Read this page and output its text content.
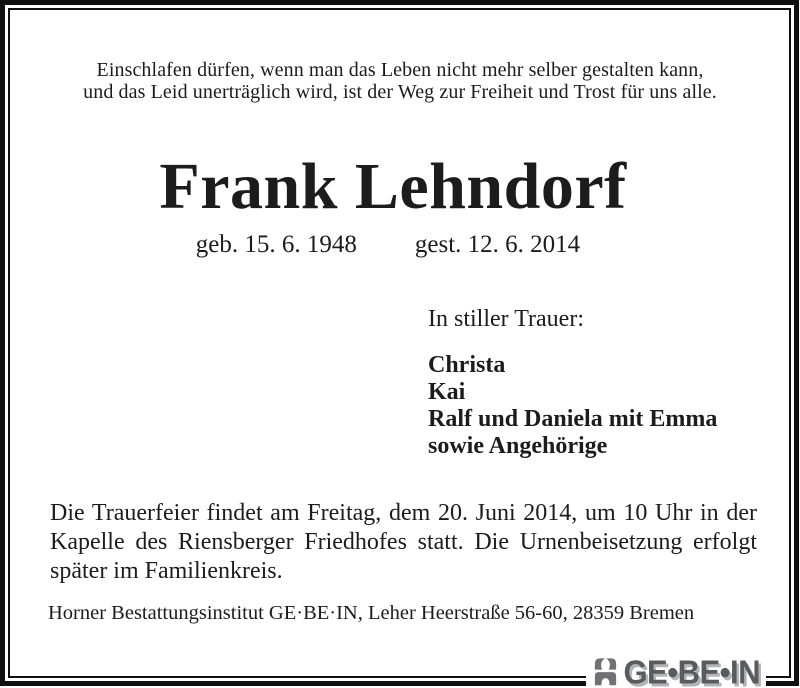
Einschlafen dürfen, wenn man das Leben nicht mehr selber gestalten kann,
und das Leid unerträglich wird, ist der Weg zur Freiheit und Trost für uns alle.
Frank Lehndorf
geb. 15. 6. 1948 gest. 12. 6. 2014
In stiller Trauer:
Christa
Kai
Ralf und Daniela mit Emma
sowie Angehörige
Die Trauerfeier findet am Freitag, dem 20. Juni 2014, um 10 Uhr in der Kapelle des Riensberger Friedhofes statt. Die Urnenbeisetzung erfolgt später im Familienkreis.
Horner Bestattungsinstitut GE·BE·IN, Leher Heerstraße 56-60, 28359 Bremen
GE•BE•IN
